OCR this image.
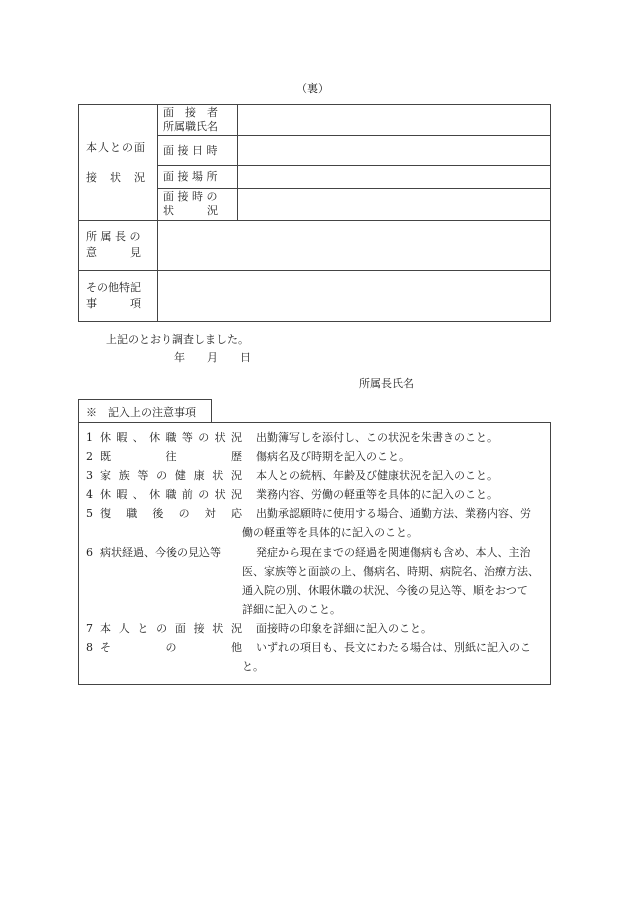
（裏）
本人との面
接　状　況
面　接　者
所属職氏名
面 接 日 時
面 接 場 所
面 接 時 の
状　　　況
所 属 長 の
意　　　見
その他特記
事　　　項
上記のとおり調査しました。
年　　月　　日
所属長氏名
※　記入上の注意事項
1 休暇、休職等の状況 出勤簿写しを添付し、この状況を朱書きのこと。
2 既往歴 傷病名及び時期を記入のこと。
3 家族等の健康状況 本人との続柄、年齢及び健康状況を記入のこと。
4 休暇、休職前の状況 業務内容、労働の軽重等を具体的に記入のこと。
5 復職後の対応 出勤承認願時に使用する場合、通勤方法、業務内容、労
働の軽重等を具体的に記入のこと。
6 病状経過、今後の見込等	発症から現在までの経過を関連傷病も含め、本人、主治
医、家族等と面談の上、傷病名、時期、病院名、治療方法、
通入院の別、休暇休職の状況、今後の見込等、順をおつて
詳細に記入のこと。
7 本人との面接状況 面接時の印象を詳細に記入のこと。
8 その他 いずれの項目も、長文にわたる場合は、別紙に記入のこ
と。
